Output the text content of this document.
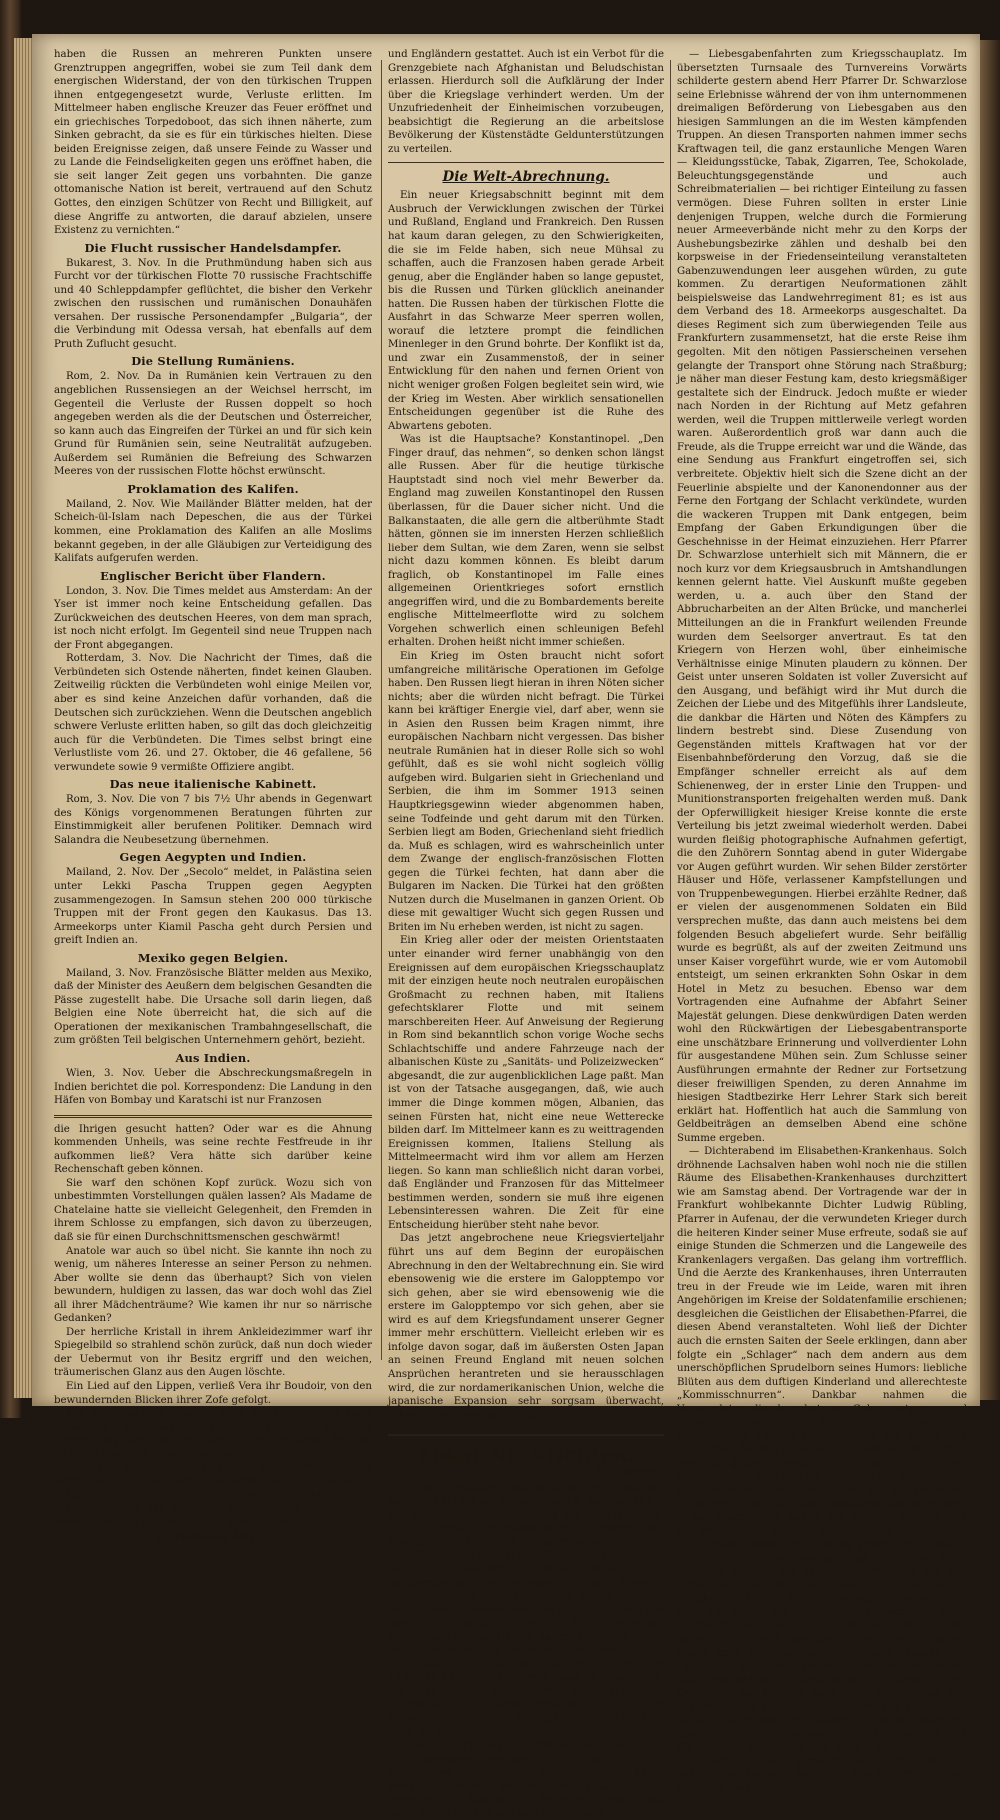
haben die Russen an mehreren Punkten unsere Grenztruppen angegriffen, wobei sie zum Teil dank dem energischen Widerstand, der von den türkischen Truppen ihnen entgegengesetzt wurde, Verluste erlitten. Im Mittelmeer haben englische Kreuzer das Feuer eröffnet und ein griechisches Torpedoboot, das sich ihnen näherte, zum Sinken gebracht, da sie es für ein türkisches hielten. Diese beiden Ereignisse zeigen, daß unsere Feinde zu Wasser und zu Lande die Feindseligkeiten gegen uns eröffnet haben, die sie seit langer Zeit gegen uns vorbahnten. Die ganze ottomanische Nation ist bereit, vertrauend auf den Schutz Gottes, den einzigen Schützer von Recht und Billigkeit, auf diese Angriffe zu antworten, die darauf abzielen, unsere Existenz zu vernichten.“

Die Flucht russischer Handelsdampfer.

Bukarest, 3. Nov. In die Pruthmündung haben sich aus Furcht vor der türkischen Flotte 70 russische Frachtschiffe und 40 Schleppdampfer geflüchtet, die bisher den Verkehr zwischen den russischen und rumänischen Donauhäfen versahen. Der russische Personendampfer „Bulgaria“, der die Verbindung mit Odessa versah, hat ebenfalls auf dem Pruth Zuflucht gesucht.

Die Stellung Rumäniens.

Rom, 2. Nov. Da in Rumänien kein Vertrauen zu den angeblichen Russensiegen an der Weichsel herrscht, im Gegenteil die Verluste der Russen doppelt so hoch angegeben werden als die der Deutschen und Österreicher, so kann auch das Eingreifen der Türkei an und für sich kein Grund für Rumänien sein, seine Neutralität aufzugeben. Außerdem sei Rumänien die Befreiung des Schwarzen Meeres von der russischen Flotte höchst erwünscht.

Proklamation des Kalifen.

Mailand, 2. Nov. Wie Mailänder Blätter melden, hat der Scheich-ül-Islam nach Depeschen, die aus der Türkei kommen, eine Proklamation des Kalifen an alle Moslims bekannt gegeben, in der alle Gläubigen zur Verteidigung des Kalifats aufgerufen werden.

Englischer Bericht über Flandern.

London, 3. Nov. Die Times meldet aus Amsterdam: An der Yser ist immer noch keine Entscheidung gefallen. Das Zurückweichen des deutschen Heeres, von dem man sprach, ist noch nicht erfolgt. Im Gegenteil sind neue Truppen nach der Front abgegangen.

Rotterdam, 3. Nov. Die Nachricht der Times, daß die Verbündeten sich Ostende näherten, findet keinen Glauben. Zeitweilig rückten die Verbündeten wohl einige Meilen vor, aber es sind keine Anzeichen dafür vorhanden, daß die Deutschen sich zurückziehen. Wenn die Deutschen angeblich schwere Verluste erlitten haben, so gilt das doch gleichzeitig auch für die Verbündeten. Die Times selbst bringt eine Verlustliste vom 26. und 27. Oktober, die 46 gefallene, 56 verwundete sowie 9 vermißte Offiziere angibt.

Das neue italienische Kabinett.

Rom, 3. Nov. Die von 7 bis 7½ Uhr abends in Gegenwart des Königs vorgenommenen Beratungen führten zur Einstimmigkeit aller berufenen Politiker. Demnach wird Salandra die Neubesetzung übernehmen.

Gegen Aegypten und Indien.

Mailand, 2. Nov. Der „Secolo“ meldet, in Palästina seien unter Lekki Pascha Truppen gegen Aegypten zusammengezogen. In Samsun stehen 200 000 türkische Truppen mit der Front gegen den Kaukasus. Das 13. Armeekorps unter Kiamil Pascha geht durch Persien und greift Indien an.

Mexiko gegen Belgien.

Mailand, 3. Nov. Französische Blätter melden aus Mexiko, daß der Minister des Aeußern dem belgischen Gesandten die Pässe zugestellt habe. Die Ursache soll darin liegen, daß Belgien eine Note überreicht hat, die sich auf die Operationen der mexikanischen Trambahngesellschaft, die zum größten Teil belgischen Unternehmern gehört, bezieht.

Aus Indien.

Wien, 3. Nov. Ueber die Abschreckungsmaßregeln in Indien berichtet die pol. Korrespondenz: Die Landung in den Häfen von Bombay und Karatschi ist nur Franzosen

die Ihrigen gesucht hatten? Oder war es die Ahnung kommenden Unheils, was seine rechte Festfreude in ihr aufkommen ließ? Vera hätte sich darüber keine Rechenschaft geben können.

Sie warf den schönen Kopf zurück. Wozu sich von unbestimmten Vorstellungen quälen lassen? Als Madame de Chatelaine hatte sie vielleicht Gelegenheit, den Fremden in ihrem Schlosse zu empfangen, sich davon zu überzeugen, daß sie für einen Durchschnittsmenschen geschwärmt!

Anatole war auch so übel nicht. Sie kannte ihn noch zu wenig, um näheres Interesse an seiner Person zu nehmen. Aber wollte sie denn das überhaupt? Sich von vielen bewundern, huldigen zu lassen, das war doch wohl das Ziel all ihrer Mädchenträume? Wie kamen ihr nur so närrische Gedanken?

Der herrliche Kristall in ihrem Ankleidezimmer warf ihr Spiegelbild so strahlend schön zurück, daß nun doch wieder der Uebermut von ihr Besitz ergriff und den weichen, träumerischen Glanz aus den Augen löschte.

Ein Lied auf den Lippen, verließ Vera ihr Boudoir, von den bewundernden Blicken ihrer Zofe gefolgt.

Mit Vera zugleich erschien auch die Hausfrau in einer schwarzen Samttoilette, durch die ihre stattliche Erscheinung vorteilhaft gehoben wurde. Brillanten blitzten an dem Halse und im dunklen Haar.

Als Gäste seine Damen anlaß, die jungen Mädchen im Schmucke ihrer taufrischen Schönheit und die Gattin, in ruhiger, stolzer Würde die Hausfrau und Mutter repräsentierend, hob ein selten empfundenes Glücksgefühl seine Brust, und er schätzte sich beneidenswert.

(Fortsetzung folgt.)

und Engländern gestattet. Auch ist ein Verbot für die Grenzgebiete nach Afghanistan und Beludschistan erlassen. Hierdurch soll die Aufklärung der Inder über die Kriegslage verhindert werden. Um der Unzufriedenheit der Einheimischen vorzubeugen, beabsichtigt die Regierung an die arbeitslose Bevölkerung der Küstenstädte Geldunterstützungen zu verteilen.

Die Welt-Abrechnung.

Ein neuer Kriegsabschnitt beginnt mit dem Ausbruch der Verwicklungen zwischen der Türkei und Rußland, England und Frankreich. Den Russen hat kaum daran gelegen, zu den Schwierigkeiten, die sie im Felde haben, sich neue Mühsal zu schaffen, auch die Franzosen haben gerade Arbeit genug, aber die Engländer haben so lange gepustet, bis die Russen und Türken glücklich aneinander hatten. Die Russen haben der türkischen Flotte die Ausfahrt in das Schwarze Meer sperren wollen, worauf die letztere prompt die feindlichen Minenleger in den Grund bohrte. Der Konflikt ist da, und zwar ein Zusammenstoß, der in seiner Entwicklung für den nahen und fernen Orient von nicht weniger großen Folgen begleitet sein wird, wie der Krieg im Westen. Aber wirklich sensationellen Entscheidungen gegenüber ist die Ruhe des Abwartens geboten.

Was ist die Hauptsache? Konstantinopel. „Den Finger drauf, das nehmen“, so denken schon längst alle Russen. Aber für die heutige türkische Hauptstadt sind noch viel mehr Bewerber da. England mag zuweilen Konstantinopel den Russen überlassen, für die Dauer sicher nicht. Und die Balkanstaaten, die alle gern die altberühmte Stadt hätten, gönnen sie im innersten Herzen schließlich lieber dem Sultan, wie dem Zaren, wenn sie selbst nicht dazu kommen können. Es bleibt darum fraglich, ob Konstantinopel im Falle eines allgemeinen Orientkrieges sofort ernstlich angegriffen wird, und die zu Bombardements bereite englische Mittelmeerflotte wird zu solchem Vorgehen schwerlich einen schleunigen Befehl erhalten. Drohen heißt nicht immer schießen.

Ein Krieg im Osten braucht nicht sofort umfangreiche militärische Operationen im Gefolge haben. Den Russen liegt hieran in ihren Nöten sicher nichts; aber die würden nicht befragt. Die Türkei kann bei kräftiger Energie viel, darf aber, wenn sie in Asien den Russen beim Kragen nimmt, ihre europäischen Nachbarn nicht vergessen. Das bisher neutrale Rumänien hat in dieser Rolle sich so wohl gefühlt, daß es sie wohl nicht sogleich völlig aufgeben wird. Bulgarien sieht in Griechenland und Serbien, die ihm im Sommer 1913 seinen Hauptkriegsgewinn wieder abgenommen haben, seine Todfeinde und geht darum mit den Türken. Serbien liegt am Boden, Griechenland sieht friedlich da. Muß es schlagen, wird es wahrscheinlich unter dem Zwange der englisch-französischen Flotten gegen die Türkei fechten, hat dann aber die Bulgaren im Nacken. Die Türkei hat den größten Nutzen durch die Muselmanen in ganzen Orient. Ob diese mit gewaltiger Wucht sich gegen Russen und Briten im Nu erheben werden, ist nicht zu sagen.

Ein Krieg aller oder der meisten Orientstaaten unter einander wird ferner unabhängig von den Ereignissen auf dem europäischen Kriegsschauplatz mit der einzigen heute noch neutralen europäischen Großmacht zu rechnen haben, mit Italiens gefechtsklarer Flotte und mit seinem marschbereiten Heer. Auf Anweisung der Regierung in Rom sind bekanntlich schon vorige Woche sechs Schlachtschiffe und andere Fahrzeuge nach der albanischen Küste zu „Sanitäts- und Polizeizwecken“ abgesandt, die zur augenblicklichen Lage paßt. Man ist von der Tatsache ausgegangen, daß, wie auch immer die Dinge kommen mögen, Albanien, das seinen Fürsten hat, nicht eine neue Wetterecke bilden darf. Im Mittelmeer kann es zu weittragenden Ereignissen kommen, Italiens Stellung als Mittelmeermacht wird ihm vor allem am Herzen liegen. So kann man schließlich nicht daran vorbei, daß Engländer und Franzosen für das Mittelmeer bestimmen werden, sondern sie muß ihre eigenen Lebensinteressen wahren. Die Zeit für eine Entscheidung hierüber steht nahe bevor.

Das jetzt angebrochene neue Kriegsvierteljahr führt uns auf dem Beginn der europäischen Abrechnung in den der Weltabrechnung ein. Sie wird ebensowenig wie die erstere im Galopptempo vor sich gehen, aber sie wird ebensowenig wie die erstere im Galopptempo vor sich gehen, aber sie wird es auf dem Kriegsfundament unserer Gegner immer mehr erschüttern. Vielleicht erleben wir es infolge davon sogar, daß im äußersten Osten Japan an seinen Freund England mit neuen solchen Ansprüchen herantreten und sie herausschlagen wird, die zur nordamerikanischen Union, welche die japanische Expansion sehr sorgsam überwacht, erklärt: „Jetzt mache ich auch mit!“

Lokal-Nachrichten.
3. November.

— Vaterländische Kundgebung. Wir machen nochmals auf die am Mittwoch den 4. ds. Abends 8½ Uhr stattfindende Veranstaltung des Bezirksvereins, in der Turnhalle der Bockenheimer Turngemeinde, Marburgerstraße 28, aufmerksam. Diese vaterländische Feier dürfte für jeden Kunstfreund noch ein besonderes Interesse haben, indem hervorragende Darbietungen erster Künstler vorgesehen sind. Die sämtlichen Kosten hat der Bezirksverein übernommen und fließt der Ertrag aus dem Eintrittsgeld unverkürzt den bestimmten Kriegszwecken zu. Es ist daher ein recht reger Besuch, auch unserer Nachbarn, zu wünschen.

— Zwei neue Ritter des Eisernen Kreuzes. Der 18jährige Fahnenjunker Ernst Zobel (2. Nass. Feld-Art.-Regt. Nr. 63), Sohn des bekannten Hotelbesitzers J. Zobel (Rheingauer Hof). Der Unteroffizier-Trompeter Krengel (2. Nass. Feld-Art.-Regt. Nr. 63).

— Vom Trompeterkorps Feld-Art.-Regt. Nr. 63 ist eine besondere Danksagung hier eingetroffen für empfangene Liebesgaben, welche für das Korps direkt gesammelt wurden und große Freude machten. Den Spendern sei herzlicher Dank gesagt unter vielen Grüßen aus dem Feindesland.

— Liebesgabenfahrten zum Kriegsschauplatz. Im übersetzten Turnsaale des Turnvereins Vorwärts schilderte gestern abend Herr Pfarrer Dr. Schwarzlose seine Erlebnisse während der von ihm unternommenen dreimaligen Beförderung von Liebesgaben aus den hiesigen Sammlungen an die im Westen kämpfenden Truppen. An diesen Transporten nahmen immer sechs Kraftwagen teil, die ganz erstaunliche Mengen Waren — Kleidungsstücke, Tabak, Zigarren, Tee, Schokolade, Beleuchtungsgegenstände und auch Schreibmaterialien — bei richtiger Einteilung zu fassen vermögen. Diese Fuhren sollten in erster Linie denjenigen Truppen, welche durch die Formierung neuer Armeeverbände nicht mehr zu den Korps der Aushebungsbezirke zählen und deshalb bei den korpsweise in der Friedenseinteilung veranstalteten Gabenzuwendungen leer ausgehen würden, zu gute kommen. Zu derartigen Neuformationen zählt beispielsweise das Landwehrregiment 81; es ist aus dem Verband des 18. Armeekorps ausgeschaltet. Da dieses Regiment sich zum überwiegenden Teile aus Frankfurtern zusammensetzt, hat die erste Reise ihm gegolten. Mit den nötigen Passierscheinen versehen gelangte der Transport ohne Störung nach Straßburg; je näher man dieser Festung kam, desto kriegsmäßiger gestaltete sich der Eindruck. Jedoch mußte er wieder nach Norden in der Richtung auf Metz gefahren werden, weil die Truppen mittlerweile verlegt worden waren. Außerordentlich groß war dann auch die Freude, als die Truppe erreicht war und die Wände, das eine Sendung aus Frankfurt eingetroffen sei, sich verbreitete. Objektiv hielt sich die Szene dicht an der Feuerlinie abspielte und der Kanonendonner aus der Ferne den Fortgang der Schlacht verkündete, wurden die wackeren Truppen mit Dank entgegen, beim Empfang der Gaben Erkundigungen über die Geschehnisse in der Heimat einzuziehen. Herr Pfarrer Dr. Schwarzlose unterhielt sich mit Männern, die er noch kurz vor dem Kriegsausbruch in Amtshandlungen kennen gelernt hatte. Viel Auskunft mußte gegeben werden, u. a. auch über den Stand der Abbrucharbeiten an der Alten Brücke, und mancherlei Mitteilungen an die in Frankfurt weilenden Freunde wurden dem Seelsorger anvertraut. Es tat den Kriegern von Herzen wohl, über einheimische Verhältnisse einige Minuten plaudern zu können. Der Geist unter unseren Soldaten ist voller Zuversicht auf den Ausgang, und befähigt wird ihr Mut durch die Zeichen der Liebe und des Mitgefühls ihrer Landsleute, die dankbar die Härten und Nöten des Kämpfers zu lindern bestrebt sind. Diese Zusendung von Gegenständen mittels Kraftwagen hat vor der Eisenbahnbeförderung den Vorzug, daß sie die Empfänger schneller erreicht als auf dem Schienenweg, der in erster Linie den Truppen- und Munitionstransporten freigehalten werden muß. Dank der Opferwilligkeit hiesiger Kreise konnte die erste Verteilung bis jetzt zweimal wiederholt werden. Dabei wurden fleißig photographische Aufnahmen gefertigt, die den Zuhörern Sonntag abend in guter Widergabe vor Augen geführt wurden. Wir sehen Bilder zerstörter Häuser und Höfe, verlassener Kampfstellungen und von Truppenbewegungen. Hierbei erzählte Redner, daß er vielen der ausgenommenen Soldaten ein Bild versprechen mußte, das dann auch meistens bei dem folgenden Besuch abgeliefert wurde. Sehr beifällig wurde es begrüßt, als auf der zweiten Zeitmund uns unser Kaiser vorgeführt wurde, wie er vom Automobil entsteigt, um seinen erkrankten Sohn Oskar in dem Hotel in Metz zu besuchen. Ebenso war dem Vortragenden eine Aufnahme der Abfahrt Seiner Majestät gelungen. Diese denkwürdigen Daten werden wohl den Rückwärtigen der Liebesgabentransporte eine unschätzbare Erinnerung und vollverdienter Lohn für ausgestandene Mühen sein. Zum Schlusse seiner Ausführungen ermahnte der Redner zur Fortsetzung dieser freiwilligen Spenden, zu deren Annahme im hiesigen Stadtbezirke Herr Lehrer Stark sich bereit erklärt hat. Hoffentlich hat auch die Sammlung von Geldbeiträgen an demselben Abend eine schöne Summe ergeben.

— Dichterabend im Elisabethen-Krankenhaus. Solch dröhnende Lachsalven haben wohl noch nie die stillen Räume des Elisabethen-Krankenhauses durchzittert wie am Samstag abend. Der Vortragende war der in Frankfurt wohlbekannte Dichter Ludwig Rübling, Pfarrer in Aufenau, der die verwundeten Krieger durch die heiteren Kinder seiner Muse erfreute, sodaß sie auf einige Stunden die Schmerzen und die Langeweile des Krankenlagers vergaßen. Das gelang ihm vortrefflich. Und die Aerzte des Krankenhauses, ihren Unterrauten treu in der Freude wie im Leide, waren mit ihren Angehörigen im Kreise der Soldatenfamilie erschienen; desgleichen die Geistlichen der Elisabethen-Pfarrei, die diesen Abend veranstalteten. Wohl ließ der Dichter auch die ernsten Saiten der Seele erklingen, dann aber folgte ein „Schlager“ nach dem andern aus dem unerschöpflichen Sprudelborn seines Humors: liebliche Blüten aus dem duftigen Kinderland und allerechteste „Kommisschnurren“. Dankbar nahmen die Verwundeten die dargebotenen Gaben entgegen und dankten in herzlichster Weise für die freundliche Unterhaltung. Ebenso empfingen sie die Aerzte und Geistlichen für den gespendeten Trunk und den Imbiß, den die guten Schwestern reichten. Herr Pfarrer Becker sprach dem Dichter den Dank der Verwundeten aus und schloß mit einem Hoch auf die deutschen Kriegsheere. Den schönsten Dank aber sah der Redner in den leuchtenden Augen der Soldaten glänzen und den Wunsch: „Auf baldiges Wiedersehen!“

— Neues Theater. Am Sonntag gingen drei Einakter in Szene, die eine wohlgefällige Aufnahme beim Publikum fanden. Von spannender Wirkung und voll Gehaltstiefe war das interessante Gerichtsstück „In Ewigkeit — Amen“, das Otto Wildgans zum Verfasser hat. Es stellt die Vernehmungsszenen in einer Mordsache vor dem Untersuchungsrichter dar, die geradezu raffiniert ausgedacht sind, und in denen neben dem Beschuldigten die Zeugin Dworak die Hauptfigur ist. Diese kokette Dirne lebt mit einem Kaffeehauskellner in Konkubinat und verlangt den Geliebten, wo sie nur kann. Der Kellner hat aus Erbarmen den eben aus dem Zuchthaus entlassenen Anton Eßchmeidler in Obdach in seiner Wohnung gewährt. Der Strafentlassene erfährt hier gar bald, daß die Geliebte treulos ist und als sie dem hungernden Greis einst die Speise vorenthält, weil er ihr drohte, er wolle ihr schändbares Verhalten dem Kellner mitteilen, da erfaßt ihn Ekel
